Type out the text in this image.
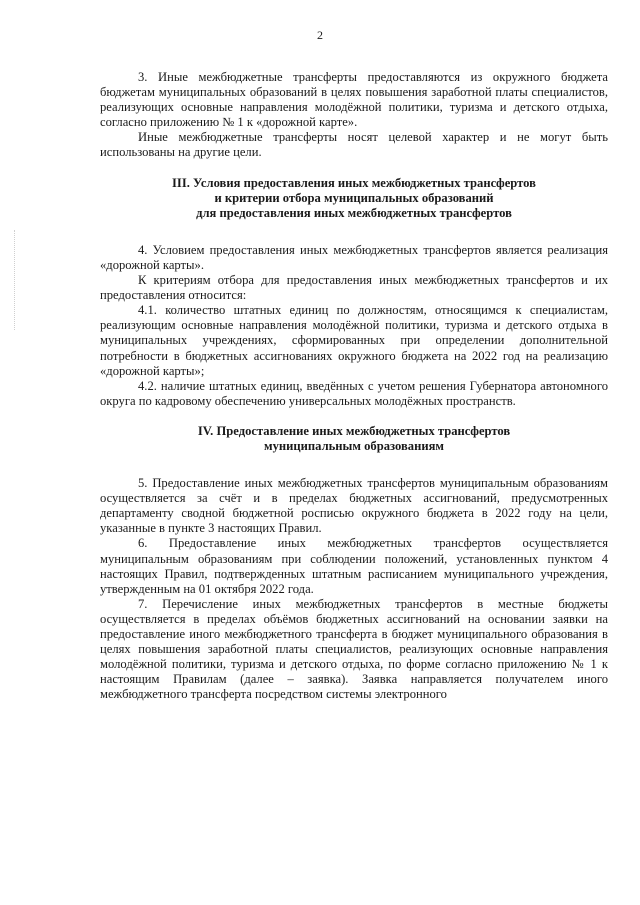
2

3. Иные межбюджетные трансферты предоставляются из окружного бюджета бюджетам муниципальных образований в целях повышения заработной платы специалистов, реализующих основные направления молодёжной политики, туризма и детского отдыха, согласно приложению № 1 к «дорожной карте».

Иные межбюджетные трансферты носят целевой характер и не могут быть использованы на другие цели.

III. Условия предоставления иных межбюджетных трансфертов
и критерии отбора муниципальных образований
для предоставления иных межбюджетных трансфертов

4. Условием предоставления иных межбюджетных трансфертов является реализация «дорожной карты».

К критериям отбора для предоставления иных межбюджетных трансфертов и их предоставления относится:

4.1. количество штатных единиц по должностям, относящимся к специалистам, реализующим основные направления молодёжной политики, туризма и детского отдыха в муниципальных учреждениях, сформированных при определении дополнительной потребности в бюджетных ассигнованиях окружного бюджета на 2022 год на реализацию «дорожной карты»;

4.2. наличие штатных единиц, введённых с учетом решения Губернатора автономного округа по кадровому обеспечению универсальных молодёжных пространств.

IV. Предоставление иных межбюджетных трансфертов
муниципальным образованиям

5. Предоставление иных межбюджетных трансфертов муниципальным образованиям осуществляется за счёт и в пределах бюджетных ассигнований, предусмотренных департаменту сводной бюджетной росписью окружного бюджета в 2022 году на цели, указанные в пункте 3 настоящих Правил.

6. Предоставление иных межбюджетных трансфертов осуществляется муниципальным образованиям при соблюдении положений, установленных пунктом 4 настоящих Правил, подтвержденных штатным расписанием муниципального учреждения, утвержденным на 01 октября 2022 года.

7. Перечисление иных межбюджетных трансфертов в местные бюджеты осуществляется в пределах объёмов бюджетных ассигнований на основании заявки на предоставление иного межбюджетного трансферта в бюджет муниципального образования в целях повышения заработной платы специалистов, реализующих основные направления молодёжной политики, туризма и детского отдыха, по форме согласно приложению № 1 к настоящим Правилам (далее – заявка). Заявка направляется получателем иного межбюджетного трансферта посредством системы электронного
